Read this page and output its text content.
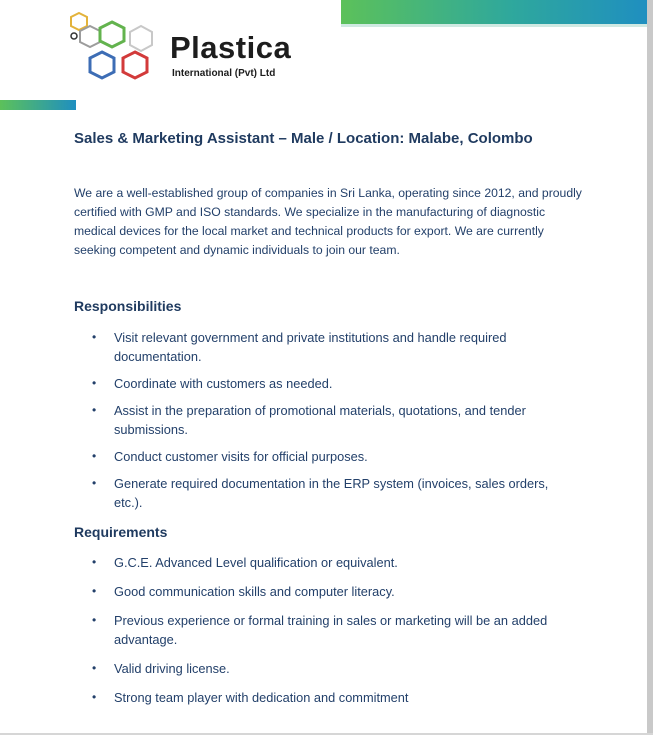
Plastica
International (Pvt) Ltd
Sales & Marketing Assistant – Male / Location: Malabe, Colombo

We are a well-established group of companies in Sri Lanka, operating since 2012, and proudly certified with GMP and ISO standards. We specialize in the manufacturing of diagnostic medical devices for the local market and technical products for export. We are currently seeking competent and dynamic individuals to join our team.

Responsibilities
• Visit relevant government and private institutions and handle required documentation.
• Coordinate with customers as needed.
• Assist in the preparation of promotional materials, quotations, and tender submissions.
• Conduct customer visits for official purposes.
• Generate required documentation in the ERP system (invoices, sales orders, etc.).
Requirements
• G.C.E. Advanced Level qualification or equivalent.
• Good communication skills and computer literacy.
• Previous experience or formal training in sales or marketing will be an added advantage.
• Valid driving license.
• Strong team player with dedication and commitment
